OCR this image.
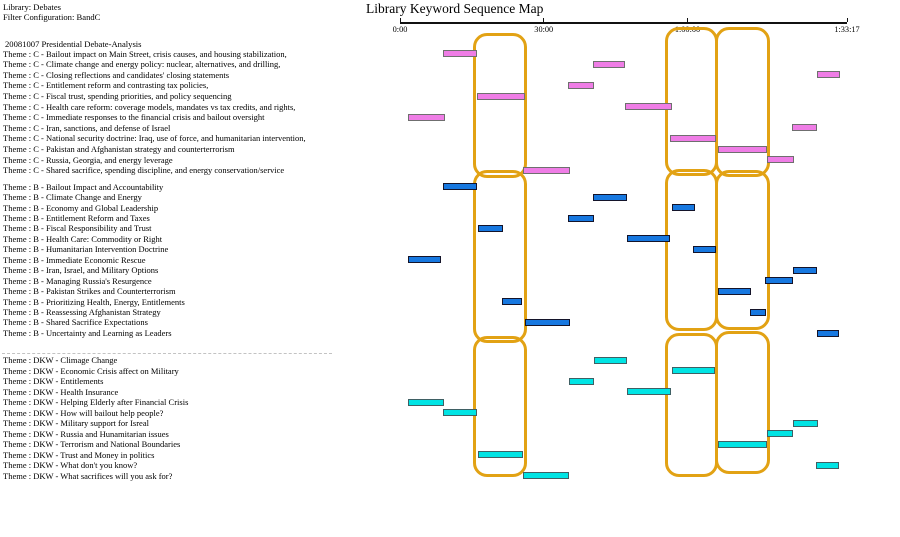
Library: Debates
Filter Configuration: BandC
20081007 Presidential Debate-Analysis
Library Keyword Sequence Map
Theme : C - Bailout impact on Main Street, crisis causes, and housing stabilization,
Theme : C - Climate change and energy policy: nuclear, alternatives, and drilling,
Theme : C - Closing reflections and candidates' closing statements
Theme : C - Entitlement reform and contrasting tax policies,
Theme : C - Fiscal trust, spending priorities, and policy sequencing
Theme : C - Health care reform: coverage models, mandates vs tax credits, and rights,
Theme : C - Immediate responses to the financial crisis and bailout oversight
Theme : C - Iran, sanctions, and defense of Israel
Theme : C - National security doctrine: Iraq, use of force, and humanitarian intervention,
Theme : C - Pakistan and Afghanistan strategy and counterterrorism
Theme : C - Russia, Georgia, and energy leverage
Theme : C - Shared sacrifice, spending discipline, and energy conservation/service
Theme : B - Bailout Impact and Accountability
Theme : B - Climate Change and Energy
Theme : B - Economy and Global Leadership
Theme : B - Entitlement Reform and Taxes
Theme : B - Fiscal Responsibility and Trust
Theme : B - Health Care: Commodity or Right
Theme : B - Humanitarian Intervention Doctrine
Theme : B - Immediate Economic Rescue
Theme : B - Iran, Israel, and Military Options
Theme : B - Managing Russia's Resurgence
Theme : B - Pakistan Strikes and Counterterrorism
Theme : B - Prioritizing Health, Energy, Entitlements
Theme : B - Reassessing Afghanistan Strategy
Theme : B - Shared Sacrifice Expectations
Theme : B - Uncertainty and Learning as Leaders
Theme : DKW - Climage Change
Theme : DKW - Economic Crisis affect on Military
Theme : DKW - Entitlements
Theme : DKW - Health Insurance
Theme : DKW - Helping Elderly after Financial Crisis
Theme : DKW - How will bailout help people?
Theme : DKW - Military support for Isreal
Theme : DKW - Russia and Hunamitarian issues
Theme : DKW - Terrorism and National Boundaries
Theme : DKW - Trust and Money in politics
Theme : DKW - What don't you know?
Theme : DKW - What sacrifices will you ask for?
0:00	30:00	1:00:00	1:33:17
